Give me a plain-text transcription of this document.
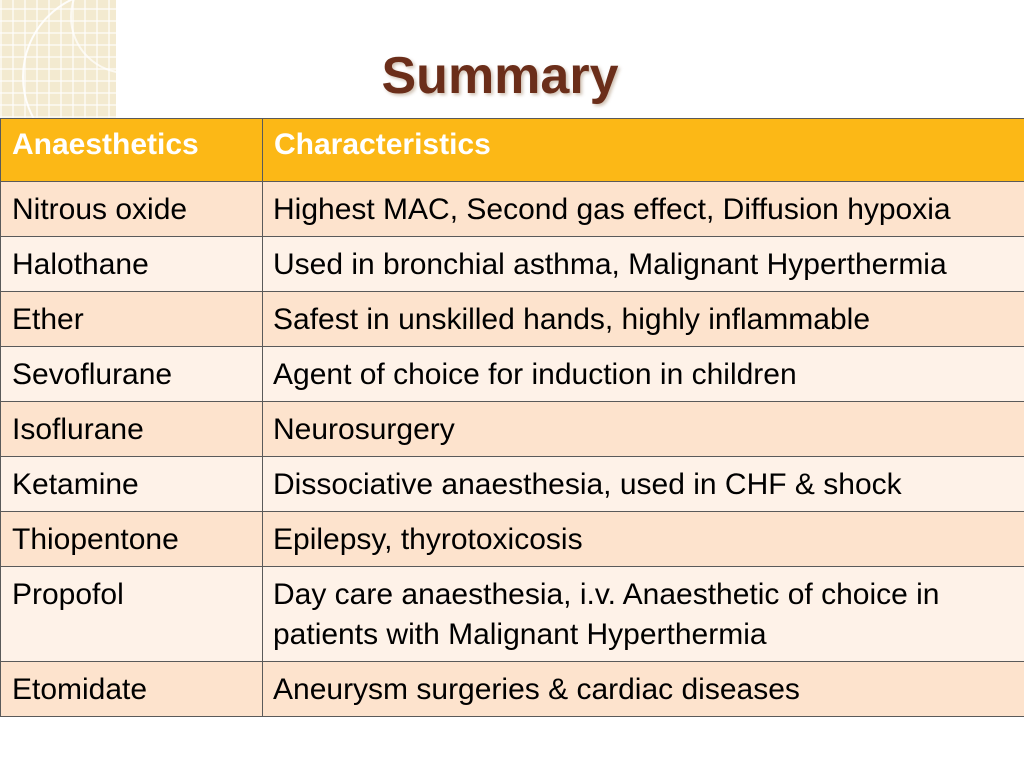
Summary
Anaesthetics	Characteristics
Nitrous oxide	Highest MAC, Second gas effect, Diffusion hypoxia
Halothane	Used in bronchial asthma, Malignant Hyperthermia
Ether	Safest in unskilled hands, highly inflammable
Sevoflurane	Agent of choice for induction in children
Isoflurane	Neurosurgery
Ketamine	Dissociative anaesthesia, used in CHF & shock
Thiopentone	Epilepsy, thyrotoxicosis
Propofol	Day care anaesthesia, i.v. Anaesthetic of choice in patients with Malignant Hyperthermia
Etomidate	Aneurysm surgeries & cardiac diseases
